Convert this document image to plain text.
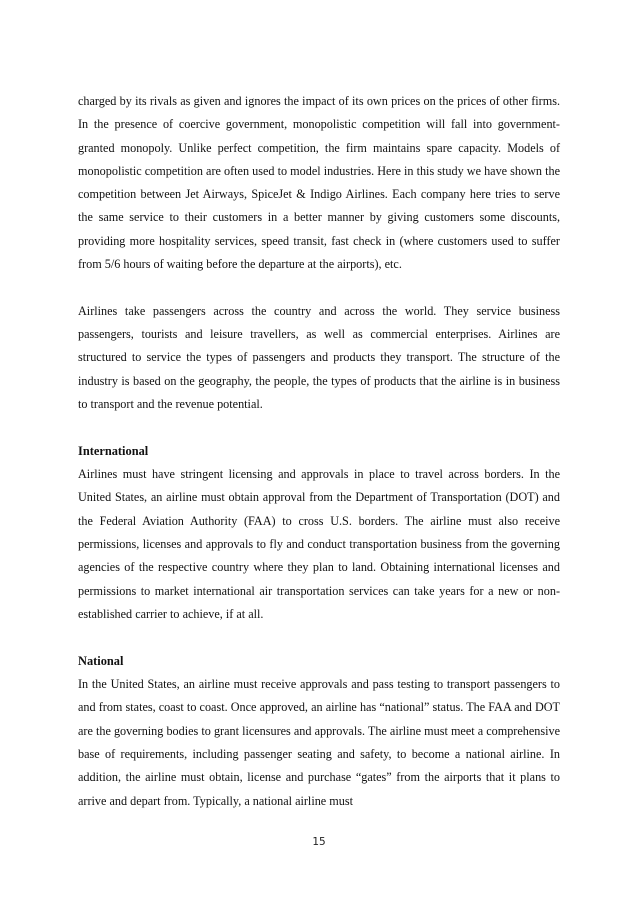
charged by its rivals as given and ignores the impact of its own prices on the prices of other firms. In the presence of coercive government, monopolistic competition will fall into government-granted monopoly. Unlike perfect competition, the firm maintains spare capacity. Models of monopolistic competition are often used to model industries. Here in this study we have shown the competition between Jet Airways, SpiceJet & Indigo Airlines. Each company here tries to serve the same service to their customers in a better manner by giving customers some discounts, providing more hospitality services, speed transit, fast check in (where customers used to suffer from 5/6 hours of waiting before the departure at the airports), etc.

Airlines take passengers across the country and across the world. They service business passengers, tourists and leisure travellers, as well as commercial enterprises. Airlines are structured to service the types of passengers and products they transport. The structure of the industry is based on the geography, the people, the types of products that the airline is in business to transport and the revenue potential.

International

Airlines must have stringent licensing and approvals in place to travel across borders. In the United States, an airline must obtain approval from the Department of Transportation (DOT) and the Federal Aviation Authority (FAA) to cross U.S. borders. The airline must also receive permissions, licenses and approvals to fly and conduct transportation business from the governing agencies of the respective country where they plan to land. Obtaining international licenses and permissions to market international air transportation services can take years for a new or non-established carrier to achieve, if at all.

National

In the United States, an airline must receive approvals and pass testing to transport passengers to and from states, coast to coast. Once approved, an airline has “national” status. The FAA and DOT are the governing bodies to grant licensures and approvals. The airline must meet a comprehensive base of requirements, including passenger seating and safety, to become a national airline. In addition, the airline must obtain, license and purchase “gates” from the airports that it plans to arrive and depart from. Typically, a national airline must

15
